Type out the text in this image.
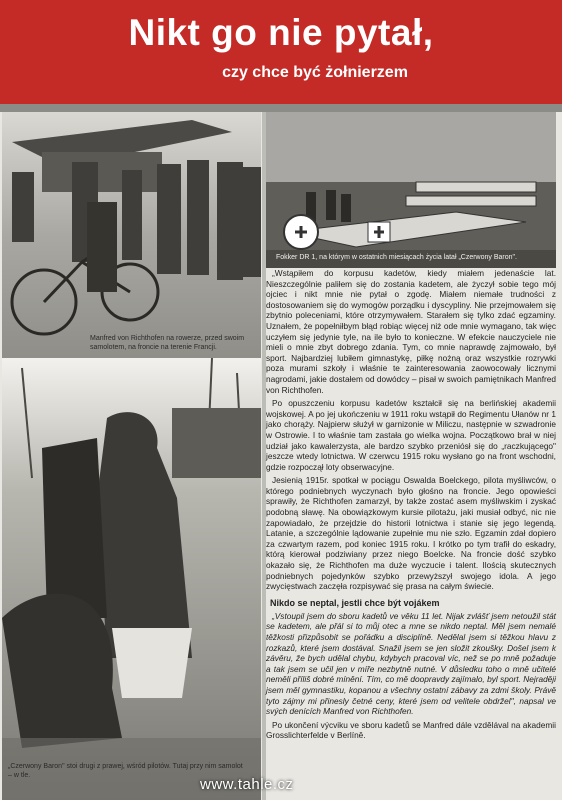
Nikt go nie pytał,
czy chce być żołnierzem
Manfred von Richthofen na rowerze, przed swoim samolotem, na froncie na terenie Francji.
Fokker DR 1, na którym w ostatnich miesiącach życia latał „Czerwony Baron".
„Czerwony Baron" stoi drugi z prawej, wśród pilotów. Tutaj przy nim samolot – w tle.

„Wstąpiłem do korpusu kadetów, kiedy miałem jedenaście lat. Nieszczególnie paliłem się do zostania kadetem, ale życzył sobie tego mój ojciec i nikt mnie nie pytał o zgodę. Miałem niemałe trudności z dostosowaniem się do wymogów porządku i dyscypliny. Nie przejmowałem się zbytnio poleceniami, które otrzymywałem. Starałem się tylko zdać egzaminy. Uznałem, że popełniłbym błąd robiąc więcej niż ode mnie wymagano, tak więc uczyłem się jedynie tyle, na ile było to konieczne. W efekcie nauczyciele nie mieli o mnie zbyt dobrego zdania. Tym, co mnie naprawdę zajmowało, był sport. Najbardziej lubiłem gimnastykę, piłkę nożną oraz wszystkie rozrywki poza murami szkoły i właśnie te zainteresowania zaowocowały licznymi nagrodami, jakie dostałem od dowódcy – pisał w swoich pamiętnikach Manfred von Richthofen.

Po opuszczeniu korpusu kadetów kształcił się na berlińskiej akademii wojskowej. A po jej ukończeniu w 1911 roku wstąpił do Regimentu Ułanów nr 1 jako chorąży. Najpierw służył w garnizonie w Miliczu, następnie w szwadronie w Ostrowie. I to właśnie tam zastała go wielka wojna. Początkowo brał w niej udział jako kawalerzysta, ale bardzo szybko przeniósł się do „raczkującego" jeszcze wtedy lotnictwa. W czerwcu 1915 roku wysłano go na front wschodni, gdzie rozpoczął loty obserwacyjne.

Jesienią 1915r. spotkał w pociągu Oswalda Boelckego, pilota myśliwców, o którego podniebnych wyczynach było głośno na froncie. Jego opowieści sprawiły, że Richthofen zamarzył, by także zostać asem myśliwskim i zyskać podobną sławę. Na obowiązkowym kursie pilotażu, jaki musiał odbyć, nic nie zapowiadało, że przejdzie do historii lotnictwa i stanie się jego legendą. Latanie, a szczególnie lądowanie zupełnie mu nie szło. Egzamin zdał dopiero za czwartym razem, pod koniec 1915 roku. I krótko po tym trafił do eskadry, którą kierował podziwiany przez niego Boelcke. Na froncie dość szybko okazało się, że Richthofen ma duże wyczucie i talent. Ilością skutecznych podniebnych pojedynków szybko przewyższył swojego idola. A jego zwycięstwach zaczęła rozpisywać się prasa na całym świecie.

Nikdo se neptal, jestli chce být vojákem

„Vstoupil jsem do sboru kadetů ve věku 11 let. Nijak zvlášť jsem netoužil stát se kadetem, ale přál si to můj otec a mne se nikdo neptal. Měl jsem nemalé těžkosti přizpůsobit se pořádku a disciplíně. Nedělal jsem si těžkou hlavu z rozkazů, které jsem dostával. Snažil jsem se jen složit zkoušky. Došel jsem k závěru, že bych udělal chybu, kdybych pracoval víc, než se po mně požaduje a tak jsem se učil jen v míře nezbytně nutné. V důsledku toho o mně učitelé neměli příliš dobré mínění. Tím, co mě doopravdy zajímalo, byl sport. Nejraději jsem měl gymnastiku, kopanou a všechny ostatní zábavy za zdmi školy. Právě tyto zájmy mi přinesly četné ceny, které jsem od velitele obdržel", napsal ve svých denících Manfred von Richthofen.

Po ukončení výcviku ve sboru kadetů se Manfred dále vzdělával na akademii Grosslichterfelde v Berlíně.

www.tahle.cz
